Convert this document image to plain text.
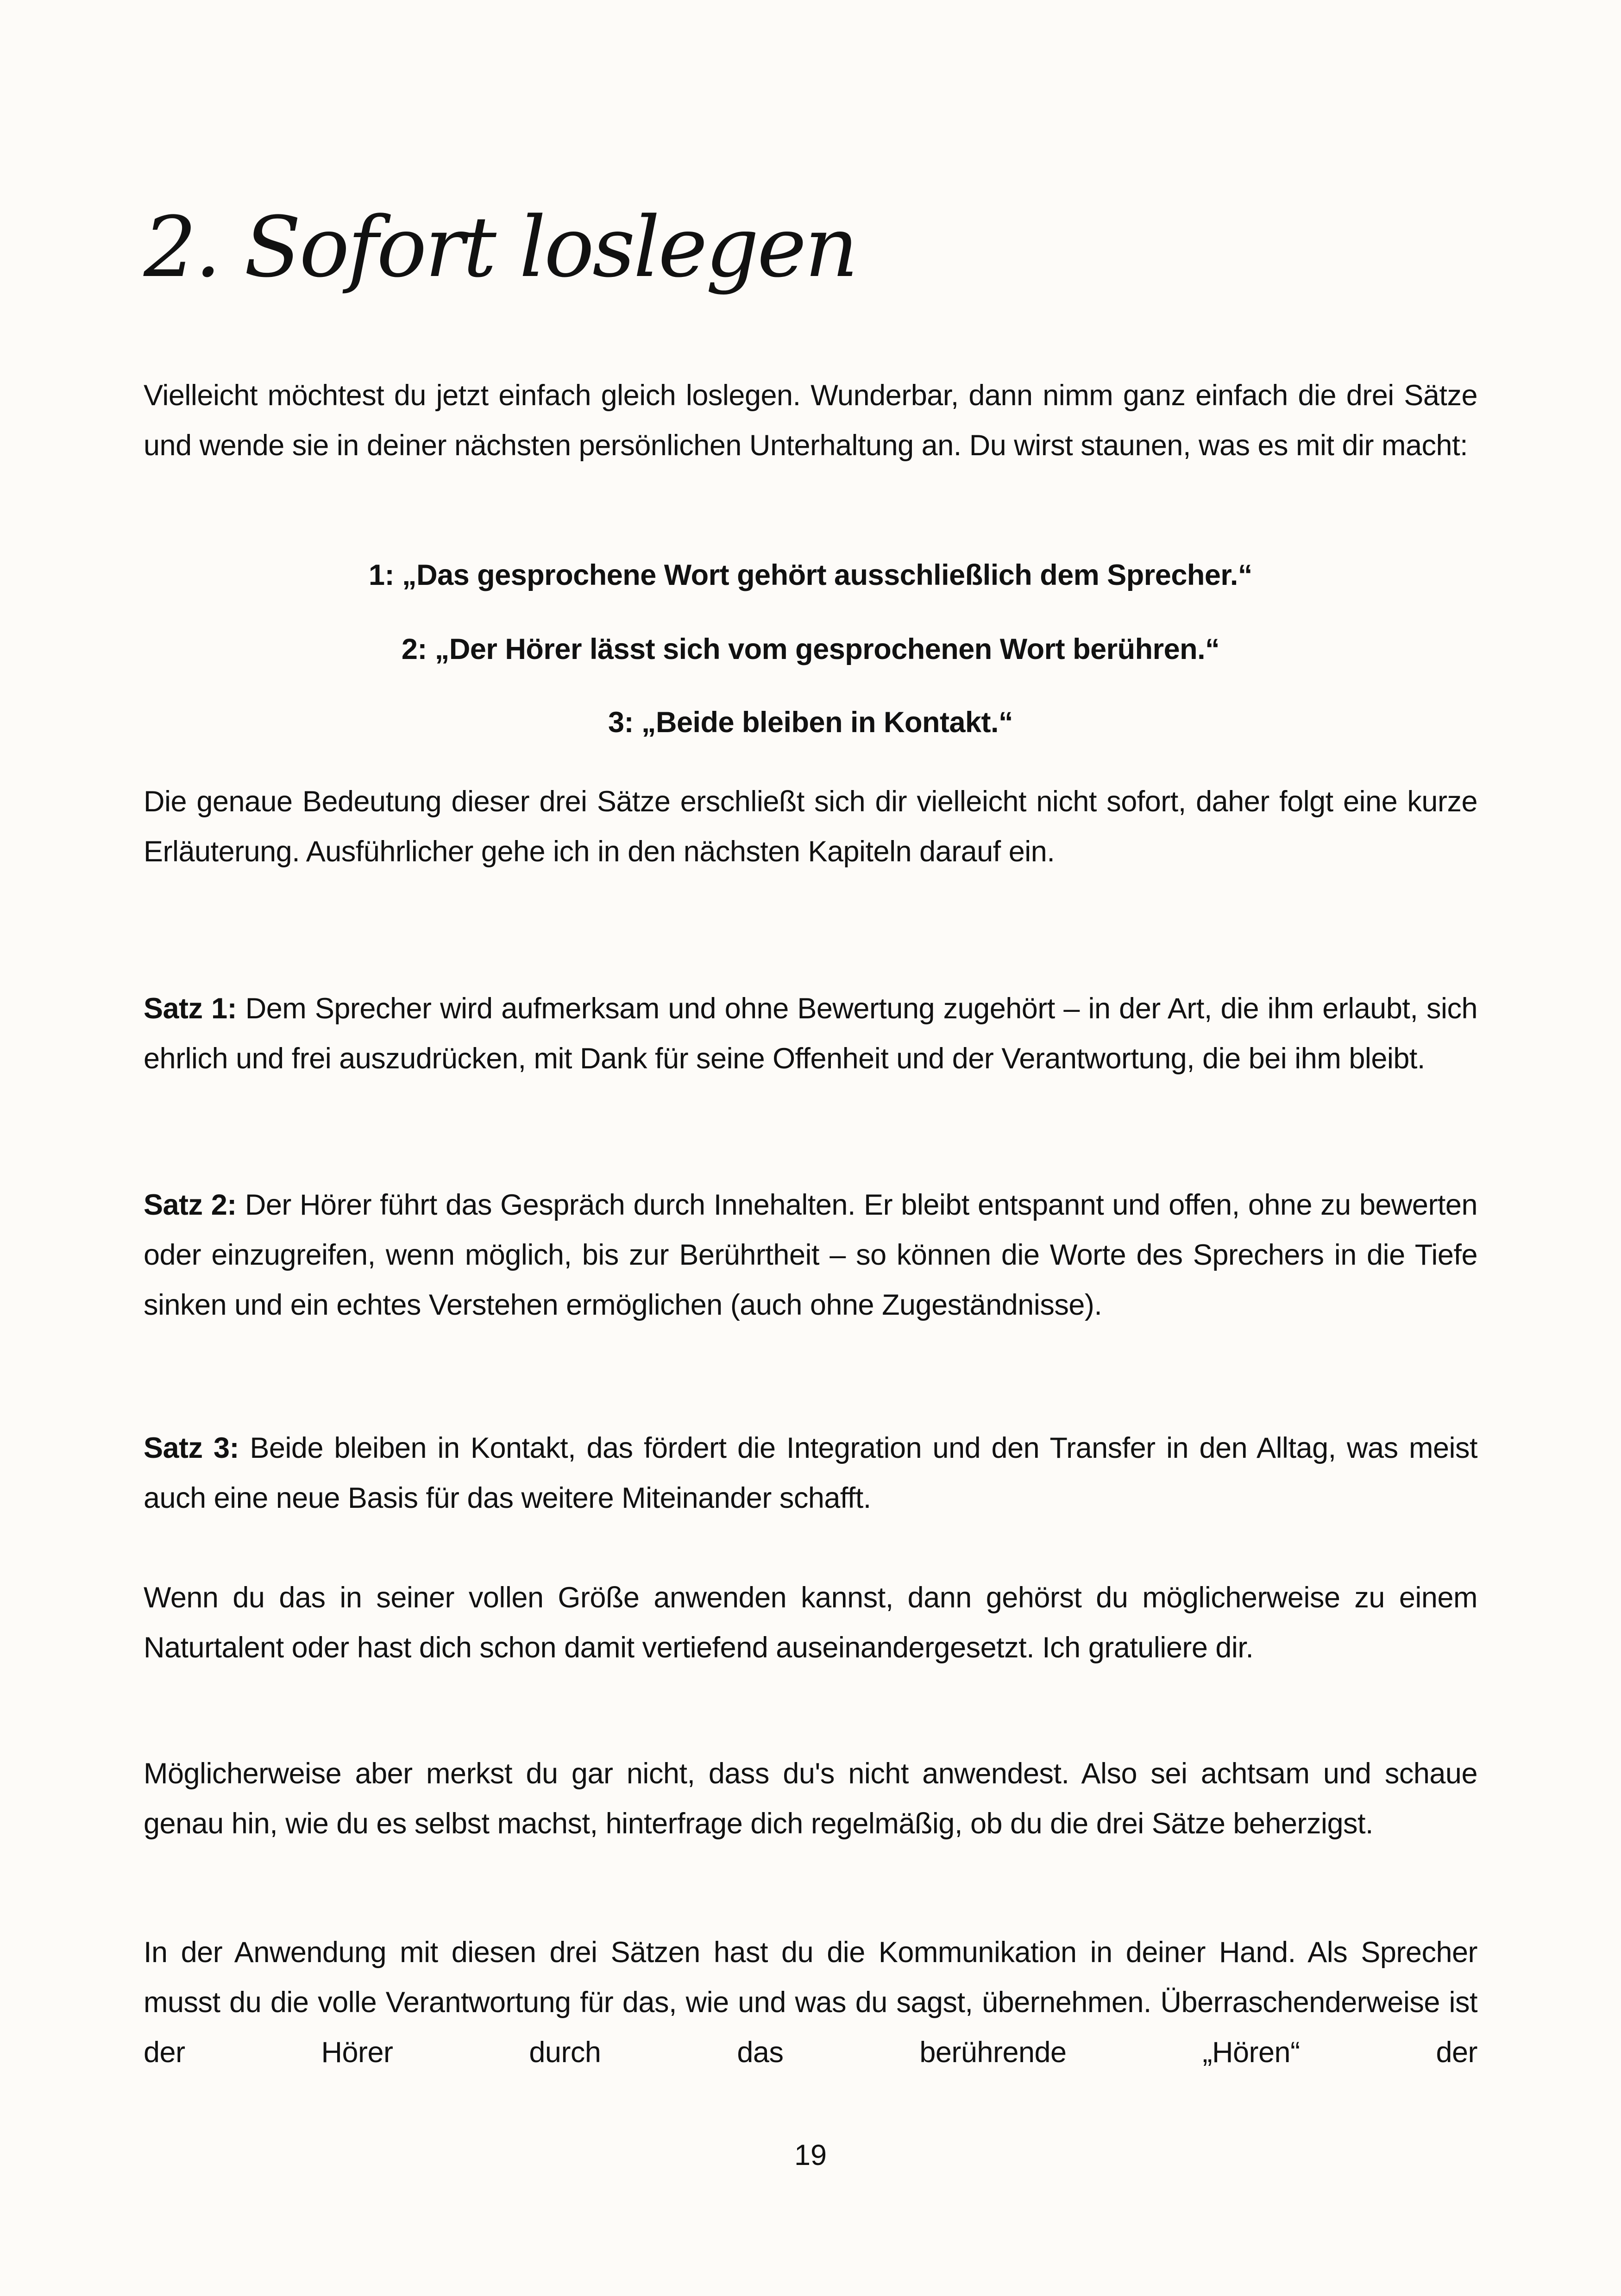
2. Sofort loslegen

Vielleicht möchtest du jetzt einfach gleich loslegen. Wunderbar, dann nimm ganz einfach die drei Sätze und wende sie in deiner nächsten persönlichen Unterhaltung an. Du wirst staunen, was es mit dir macht:

1: „Das gesprochene Wort gehört ausschließlich dem Sprecher.“

2: „Der Hörer lässt sich vom gesprochenen Wort berühren.“

3: „Beide bleiben in Kontakt.“

Die genaue Bedeutung dieser drei Sätze erschließt sich dir vielleicht nicht sofort, daher folgt eine kurze Erläuterung. Ausführlicher gehe ich in den nächsten Kapiteln darauf ein.

Satz 1: Dem Sprecher wird aufmerksam und ohne Bewertung zugehört – in der Art, die ihm erlaubt, sich ehrlich und frei auszudrücken, mit Dank für seine Offenheit und der Verantwortung, die bei ihm bleibt.

Satz 2: Der Hörer führt das Gespräch durch Innehalten. Er bleibt entspannt und offen, ohne zu bewerten oder einzugreifen, wenn möglich, bis zur Berührtheit – so können die Worte des Sprechers in die Tiefe sinken und ein echtes Verstehen ermöglichen (auch ohne Zugeständnisse).

Satz 3: Beide bleiben in Kontakt, das fördert die Integration und den Transfer in den Alltag, was meist auch eine neue Basis für das weitere Miteinander schafft.

Wenn du das in seiner vollen Größe anwenden kannst, dann gehörst du möglicherweise zu einem Naturtalent oder hast dich schon damit vertiefend auseinandergesetzt. Ich gratuliere dir.

Möglicherweise aber merkst du gar nicht, dass du's nicht anwendest. Also sei achtsam und schaue genau hin, wie du es selbst machst, hinterfrage dich regelmäßig, ob du die drei Sätze beherzigst.

In der Anwendung mit diesen drei Sätzen hast du die Kommunikation in deiner Hand. Als Sprecher musst du die volle Verantwortung für das, wie und was du sagst, übernehmen. Überraschenderweise ist der Hörer durch das berührende „Hören“ der

19
